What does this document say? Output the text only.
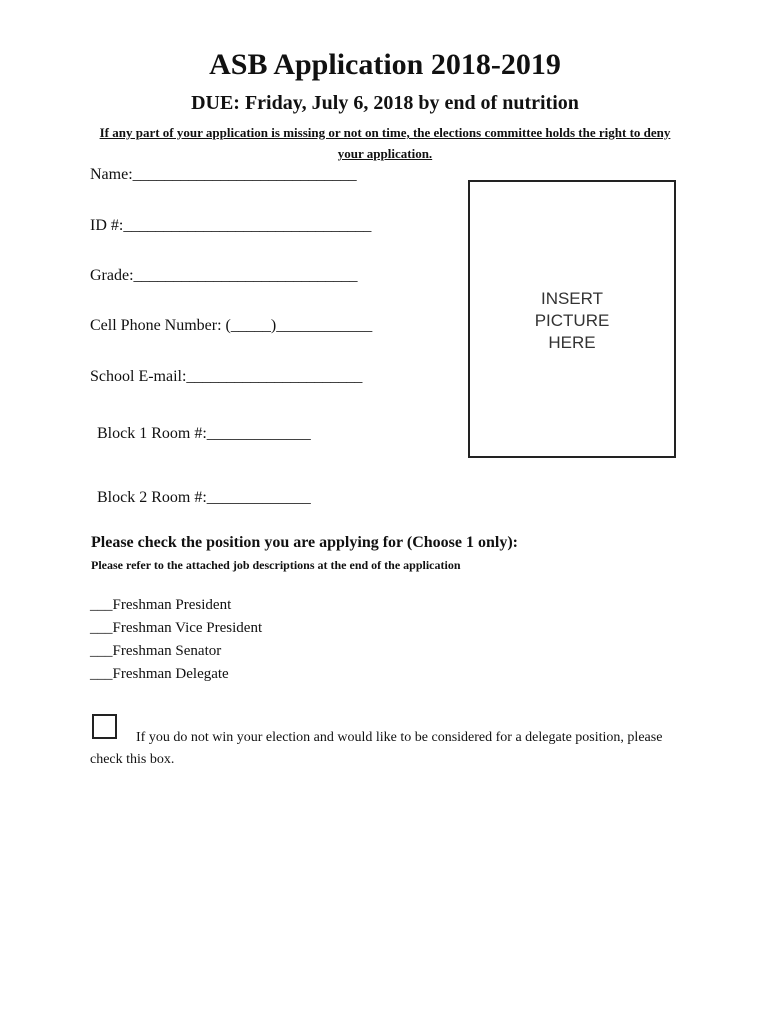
ASB Application 2018-2019
DUE: Friday, July 6, 2018 by end of nutrition

If any part of your application is missing or not on time, the elections committee holds the right to deny your application.

Name:____________________________
ID #:_______________________________
Grade:____________________________
Cell Phone Number: (_____)____________
School E-mail:______________________
Block 1 Room #:_____________
Block 2 Room #:_____________
INSERT
PICTURE
HERE
Please check the position you are applying for (Choose 1 only):

Please refer to the attached job descriptions at the end of the application

___Freshman President
___Freshman Vice President
___Freshman Senator
___Freshman Delegate

If you do not win your election and would like to be considered for a delegate position, please check this box.
